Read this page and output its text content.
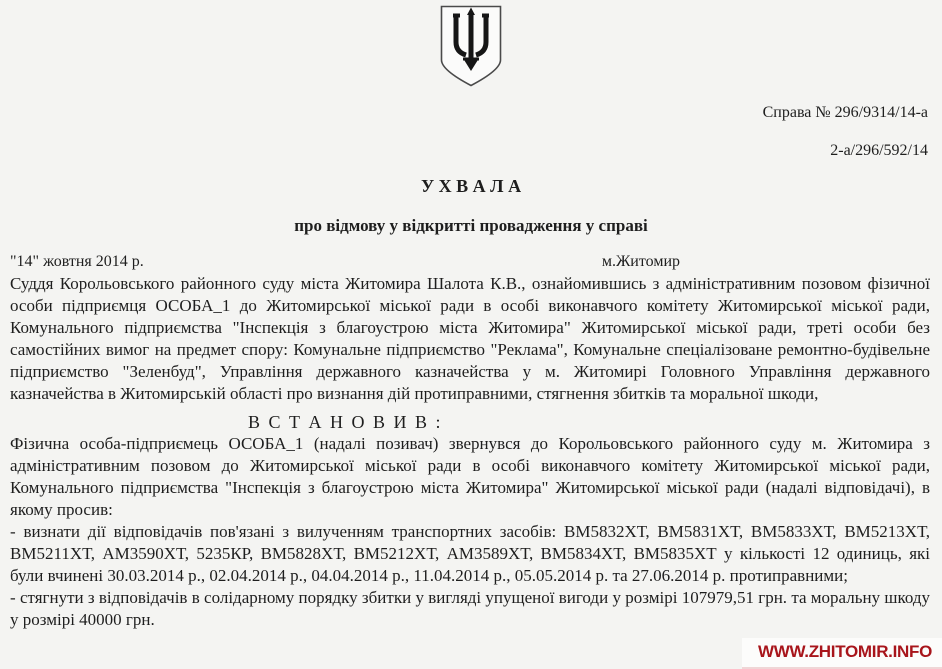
Справа № 296/9314/14-а
2-а/296/592/14
У Х В А Л А
про відмову у відкритті провадження у справі
"14" жовтня 2014 р.	м.Житомир

Суддя Корольовського районного суду міста Житомира Шалота К.В., ознайомившись з адміністративним позовом фізичної особи підприємця ОСОБА_1 до Житомирської міської ради в особі виконавчого комітету Житомирської міської ради, Комунального підприємства "Інспекція з благоустрою міста Житомира" Житомирської міської ради, треті особи без самостійних вимог на предмет спору: Комунальне підприємство "Реклама", Комунальне спеціалізоване ремонтно-будівельне підприємство "Зеленбуд", Управління державного казначейства у м. Житомирі Головного Управління державного казначейства в Житомирській області про визнання дій протиправними, стягнення збитків та моральної шкоди,

В С Т А Н О В И В :

Фізична особа-підприємець ОСОБА_1 (надалі позивач) звернувся до Корольовського районного суду м. Житомира з адміністративним позовом до Житомирської міської ради в особі виконавчого комітету Житомирської міської ради, Комунального підприємства "Інспекція з благоустрою міста Житомира" Житомирської міської ради (надалі відповідачі), в якому просив:

- визнати дії відповідачів пов'язані з вилученням транспортних засобів: ВМ5832ХТ, ВМ5831ХТ, ВМ5833ХТ, ВМ5213ХТ, ВМ5211ХТ, АМ3590ХТ, 5235КР, ВМ5828ХТ, ВМ5212ХТ, АМ3589ХТ, ВМ5834ХТ, ВМ5835ХТ у кількості 12 одиниць, які були вчинені 30.03.2014 р., 02.04.2014 р., 04.04.2014 р., 11.04.2014 р., 05.05.2014 р. та 27.06.2014 р. протиправними;

- стягнути з відповідачів в солідарному порядку збитки у вигляді упущеної вигоди у розмірі 107979,51 грн. та моральну шкоду у розмірі 40000 грн.

WWW.ZHITOMIR.INFO
